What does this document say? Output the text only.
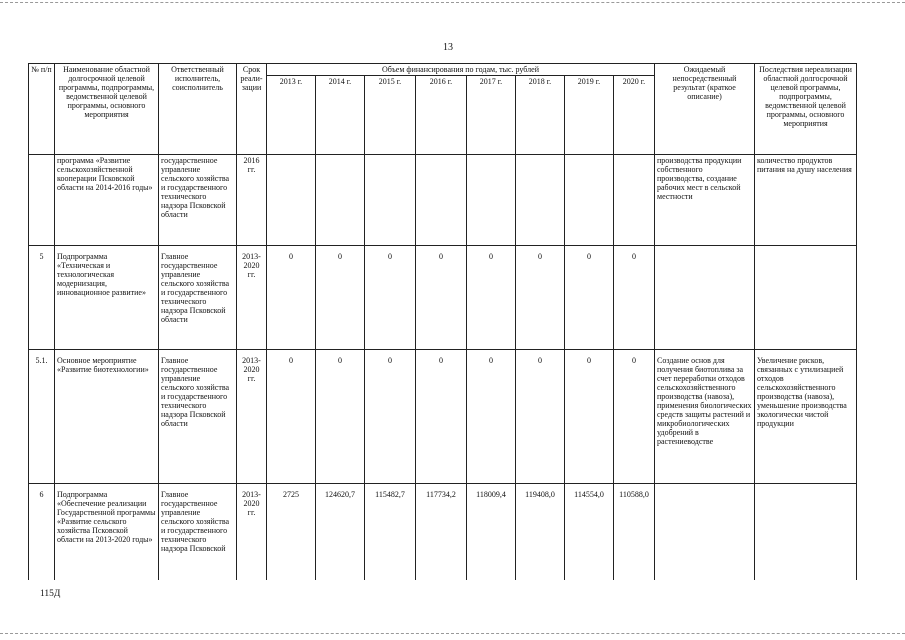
13
№ п/п	Наименование областной долгосрочной целевой программы, подпрограммы, ведомственной целевой программы, основного мероприятия	Ответственный исполнитель, соисполнитель	Срок реали-зации	Объем финансирования по годам, тыс. рублей								Ожидаемый непосредственный результат (краткое описание)	Последствия нереализации областной долгосрочной целевой программы, подпрограммы, ведомственной целевой программы, основного мероприятия
				2013 г.	2014 г.	2015 г.	2016 г.	2017 г.	2018 г.	2019 г.	2020 г.		
	программа «Развитие сельскохозяйственной кооперации Псковской области на 2014-2016 годы»	государственное управление сельского хозяйства и государственного технического надзора Псковской области	2016 гг.									производства продукции собственного производства, создание рабочих мест в сельской местности	количество продуктов питания на душу населения
5	Подпрограмма «Техническая и технологическая модернизация, инновационное развитие»	Главное государственное управление сельского хозяйства и государственного технического надзора Псковской области	2013-2020 гг.	0	0	0	0	0	0	0	0		
5.1.	Основное мероприятие «Развитие биотехнологии»	Главное государственное управление сельского хозяйства и государственного технического надзора Псковской области	2013-2020 гг.	0	0	0	0	0	0	0	0	Создание основ для получения биотоплива за счет переработки отходов сельскохозяйственного производства (навоза), применения биологических средств защиты растений и микробиологических удобрений в растениеводстве	Увеличение рисков, связанных с утилизацией отходов сельскохозяйственного производства (навоза), уменьшение производства экологически чистой продукции
6	Подпрограмма «Обеспечение реализации Государственной программы «Развитие сельского хозяйства Псковской области на 2013-2020 годы»	Главное государственное управление сельского хозяйства и государственного технического надзора Псковской	2013-2020 гг.	2725	124620,7	115482,7	117734,2	118009,4	119408,0	114554,0	110588,0		
115Д
